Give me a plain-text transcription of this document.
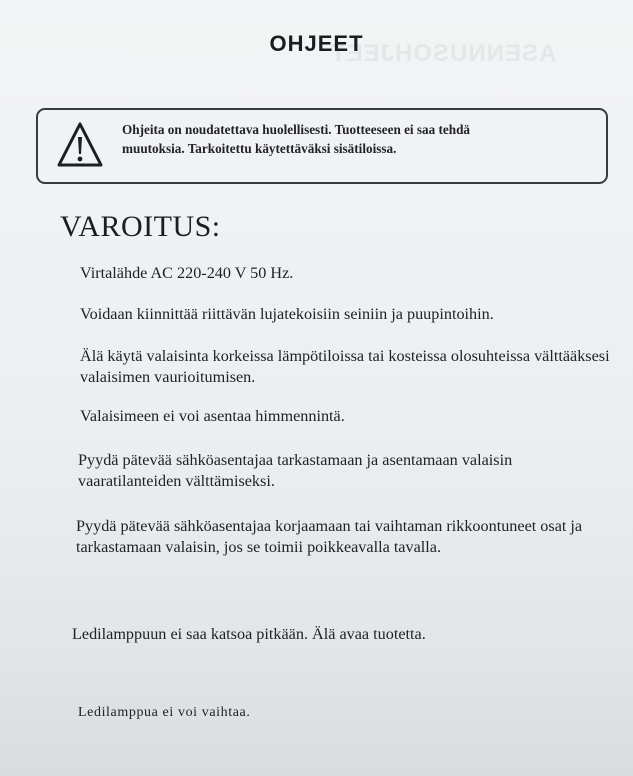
ASENNUSOHJEET
OHJEET
Ohjeita on noudatettava huolellisesti. Tuotteeseen ei saa tehdä
muutoksia. Tarkoitettu käytettäväksi sisätiloissa.
VAROITUS:
Virtalähde AC 220-240 V 50 Hz.
Voidaan kiinnittää riittävän lujatekoisiin seiniin ja puupintoihin.
Älä käytä valaisinta korkeissa lämpötiloissa tai kosteissa olosuhteissa välttääksesi valaisimen vaurioitumisen.
Valaisimeen ei voi asentaa himmennintä.
Pyydä pätevää sähköasentajaa tarkastamaan ja asentamaan valaisin vaaratilanteiden välttämiseksi.
Pyydä pätevää sähköasentajaa korjaamaan tai vaihtaman rikkoontuneet osat ja tarkastamaan valaisin, jos se toimii poikkeavalla tavalla.
Ledilamppuun ei saa katsoa pitkään. Älä avaa tuotetta.
Ledilamppua ei voi vaihtaa.
